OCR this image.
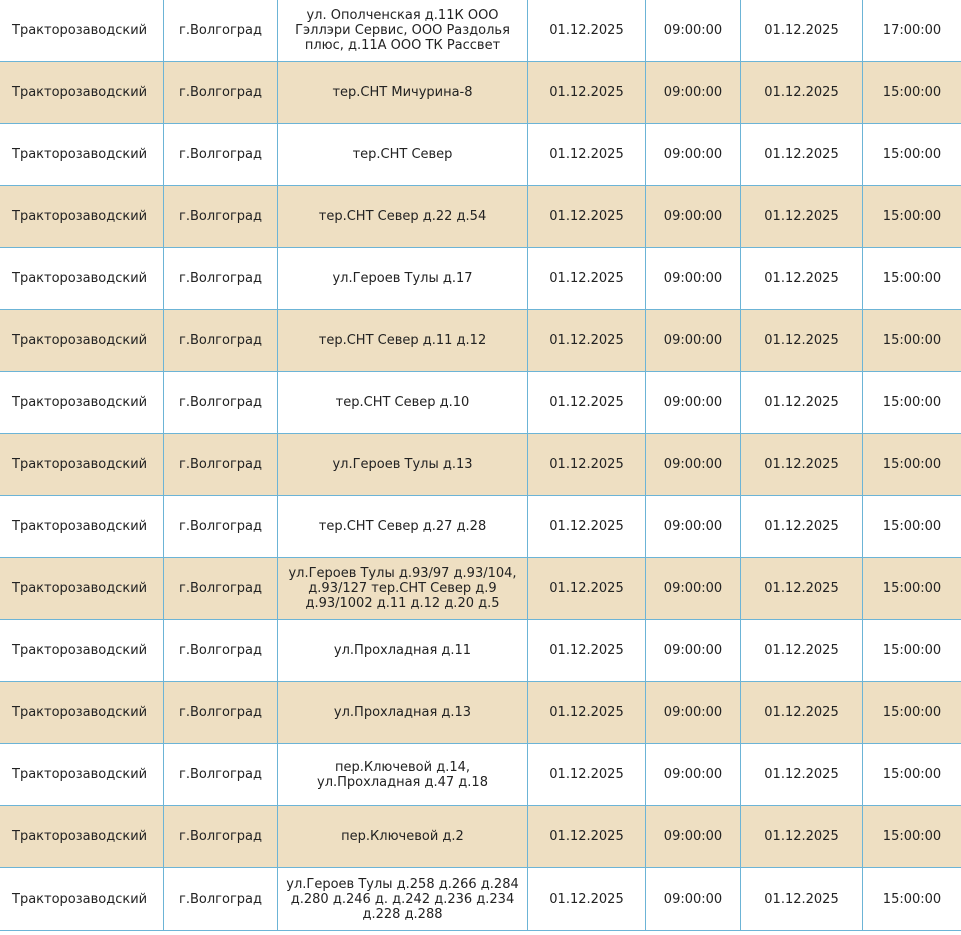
Тракторозаводский	г.Волгоград	ул. Ополченская д.11К ООО Гэллэри Сервис, ООО Раздолья плюс, д.11А ООО ТК Рассвет	01.12.2025	09:00:00	01.12.2025	17:00:00
Тракторозаводский	г.Волгоград	тер.СНТ Мичурина-8	01.12.2025	09:00:00	01.12.2025	15:00:00
Тракторозаводский	г.Волгоград	тер.СНТ Север	01.12.2025	09:00:00	01.12.2025	15:00:00
Тракторозаводский	г.Волгоград	тер.СНТ Север д.22 д.54	01.12.2025	09:00:00	01.12.2025	15:00:00
Тракторозаводский	г.Волгоград	ул.Героев Тулы д.17	01.12.2025	09:00:00	01.12.2025	15:00:00
Тракторозаводский	г.Волгоград	тер.СНТ Север д.11 д.12	01.12.2025	09:00:00	01.12.2025	15:00:00
Тракторозаводский	г.Волгоград	тер.СНТ Север д.10	01.12.2025	09:00:00	01.12.2025	15:00:00
Тракторозаводский	г.Волгоград	ул.Героев Тулы д.13	01.12.2025	09:00:00	01.12.2025	15:00:00
Тракторозаводский	г.Волгоград	тер.СНТ Север д.27 д.28	01.12.2025	09:00:00	01.12.2025	15:00:00
Тракторозаводский	г.Волгоград	ул.Героев Тулы д.93/97 д.93/104, д.93/127 тер.СНТ Север д.9 д.93/1002 д.11 д.12 д.20 д.5	01.12.2025	09:00:00	01.12.2025	15:00:00
Тракторозаводский	г.Волгоград	ул.Прохладная д.11	01.12.2025	09:00:00	01.12.2025	15:00:00
Тракторозаводский	г.Волгоград	ул.Прохладная д.13	01.12.2025	09:00:00	01.12.2025	15:00:00
Тракторозаводский	г.Волгоград	пер.Ключевой д.14, ул.Прохладная д.47 д.18	01.12.2025	09:00:00	01.12.2025	15:00:00
Тракторозаводский	г.Волгоград	пер.Ключевой д.2	01.12.2025	09:00:00	01.12.2025	15:00:00
Тракторозаводский	г.Волгоград	ул.Героев Тулы д.258 д.266 д.284 д.280 д.246 д. д.242 д.236 д.234 д.228 д.288	01.12.2025	09:00:00	01.12.2025	15:00:00
